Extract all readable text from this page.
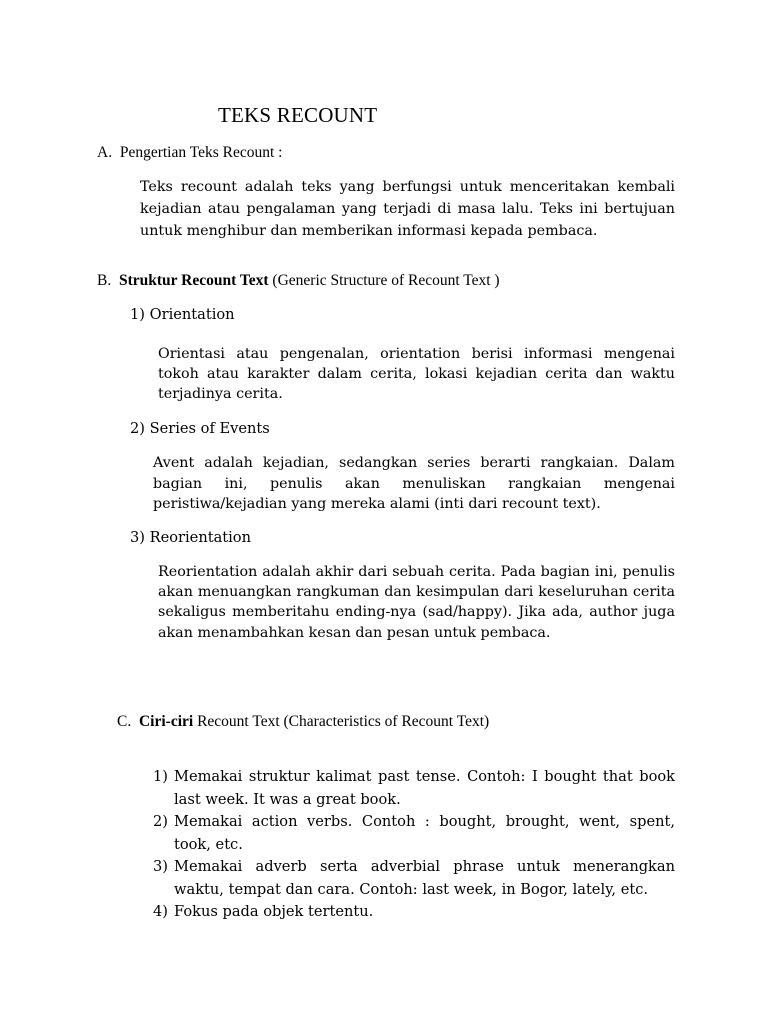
TEKS RECOUNT
A. Pengertian Teks Recount :
Teks recount adalah teks yang berfungsi untuk menceritakan kembali kejadian atau pengalaman yang terjadi di masa lalu. Teks ini bertujuan untuk menghibur dan memberikan informasi kepada pembaca.
B. Struktur Recount Text (Generic Structure of Recount Text )
1) Orientation
Orientasi atau pengenalan, orientation berisi informasi mengenai tokoh atau karakter dalam cerita, lokasi kejadian cerita dan waktu terjadinya cerita.
2) Series of Events
Avent adalah kejadian, sedangkan series berarti rangkaian. Dalam bagian ini, penulis akan menuliskan rangkaian mengenai peristiwa/kejadian yang mereka alami (inti dari recount text).
3) Reorientation
Reorientation adalah akhir dari sebuah cerita. Pada bagian ini, penulis akan menuangkan rangkuman dan kesimpulan dari keseluruhan cerita sekaligus memberitahu ending-nya (sad/happy). Jika ada, author juga akan menambahkan kesan dan pesan untuk pembaca.
C. Ciri-ciri Recount Text (Characteristics of Recount Text)
1) Memakai struktur kalimat past tense. Contoh: I bought that book last week. It was a great book.
2) Memakai action verbs. Contoh : bought, brought, went, spent, took, etc.
3) Memakai adverb serta adverbial phrase untuk menerangkan waktu, tempat dan cara. Contoh: last week, in Bogor, lately, etc.
4) Fokus pada objek tertentu.
